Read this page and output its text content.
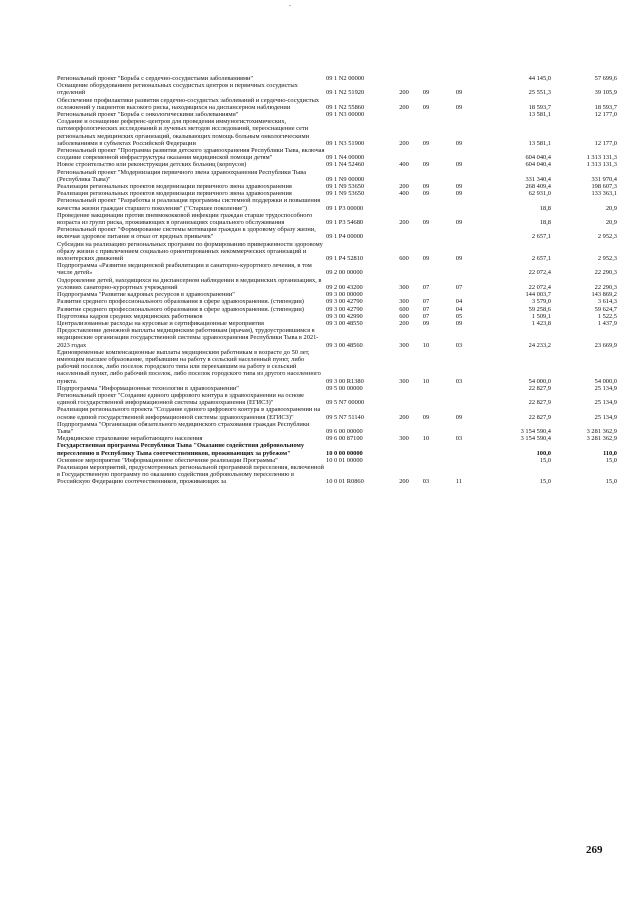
Региональный проект "Борьба с сердечно-сосудистыми заболеваниями"	09 1 N2 00000	44 145,0	57 699,6
Оснащение оборудованием региональных сосудистых центров и первичных сосудистых отделений	09 1 N2 51920	200	09	09	25 551,3	39 105,9
Обеспечение профилактики развития сердечно-сосудистых заболеваний и сердечно-сосудистых осложнений у пациентов высокого риска, находящихся на диспансерном наблюдении	09 1 N2 55860	200	09	09	18 593,7	18 593,7
Региональный проект "Борьба с онкологическими заболеваниями"	09 1 N3 00000	13 581,1	12 177,0
Создание и оснащение референс-центров для проведения иммуногистохимических, патоморфологических исследований и лучевых методов исследований, переоснащение сети региональных медицинских организаций, оказывающих помощь больным онкологическими заболеваниями в субъектах Российской Федерации	09 1 N3 51900	200	09	09	13 581,1	12 177,0
Региональный проект "Программа развития детского здравоохранения Республики Тыва, включая создание современной инфраструктуры оказания медицинской помощи детям"	09 1 N4 00000	604 040,4	1 313 131,3
Новое строительство или реконструкция детских больниц (корпусов)	09 1 N4 52460	400	09	09	604 040,4	1 313 131,3
Региональный проект "Модернизация первичного звена здравоохранения Республики Тыва (Республика Тыва)"	09 1 N9 00000	331 340,4	331 970,4
Реализация региональных проектов модернизации первичного звена здравоохранения	09 1 N9 53650	200	09	09	268 409,4	198 607,3
Реализация региональных проектов модернизации первичного звена здравоохранения	09 1 N9 53650	400	09	09	62 931,0	133 363,1
Региональный проект "Разработка и реализация программы системной поддержки и повышения качества жизни граждан старшего поколения" ("Старшее поколение")	09 1 P3 00000	18,8	20,9
Проведение вакцинации против пневмококковой инфекции граждан старше трудоспособного возраста из групп риска, проживающих в организациях социального обслуживания	09 1 P3 54680	200	09	09	18,8	20,9
Региональный проект "Формирование системы мотивации граждан к здоровому образу жизни, включая здоровое питание и отказ от вредных привычек"	09 1 P4 00000	2 657,1	2 952,3
Субсидии на реализацию региональных программ по формированию приверженности здоровому образу жизни с привлечением социально ориентированных некоммерческих организаций и волонтерских движений	09 1 P4 52810	600	09	09	2 657,1	2 952,3
Подпрограмма «Развитие медицинской реабилитации и санаторно-курортного лечения, в том числе детей»	09 2 00 00000	22 072,4	22 290,3
Оздоровление детей, находящихся на диспансерном наблюдении в медицинских организациях, в условиях санаторно-курортных учреждений	09 2 00 43200	300	07	07	22 072,4	22 290,3
Подпрограмма "Развитие кадровых ресурсов в здравоохранении"	09 3 00 00000	144 003,7	143 869,2
Развитие среднего профессионального образования в сфере здравоохранения. (стипендии)	09 3 00 42790	300	07	04	3 579,0	3 614,3
Развитие среднего профессионального образования в сфере здравоохранения. (стипендии)	09 3 00 42790	600	07	04	59 258,6	59 624,7
Подготовка кадров средних медицинских работников	09 3 00 42990	600	07	05	1 509,1	1 522,5
Централизованные расходы на курсовые и сертификационные мероприятия	09 3 00 48550	200	09	09	1 423,8	1 437,9
Предоставление денежной выплаты медицинским работникам (врачам), трудоустроившимся в медицинские организации государственной системы здравоохранения Республики Тыва в 2021-2023 годах	09 3 00 48560	300	10	03	24 233,2	23 669,9
Единовременные компенсационные выплаты медицинским работникам в возрасте до 50 лет, имеющим высшее образование, прибывшим на работу в сельский населенный пункт, либо рабочий поселок, либо поселок городского типа или переехавшим на работу в сельский населенный пункт, либо рабочий поселок, либо поселок городского типа из другого населенного пункта.	09 3 00 R1380	300	10	03	54 000,0	54 000,0
Подпрограмма "Информационные технологии в здравоохранении"	09 5 00 00000	22 827,9	25 134,9
Региональный проект "Создание единого цифрового контура в здравоохранении на основе единой государственной информационной системы здравоохранения (ЕГИСЗ)"	09 5 N7 00000	22 827,9	25 134,9
Реализация регионального проекта "Создание единого цифрового контура в здравоохранении на основе единой государственной информационной системы здравоохранения (ЕГИСЗ)"	09 5 N7 51140	200	09	09	22 827,9	25 134,9
Подпрограмма "Организация обязательного медицинского страхования граждан Республики Тыва"	09 6 00 00000	3 154 590,4	3 281 362,9
Медицинское страхование неработающего населения	09 6 00 87100	300	10	03	3 154 590,4	3 281 362,9
Государственная программа Республики Тыва "Оказание содействия добровольному переселению в Республику Тыва соотечественников, проживающих за рубежом"	10 0 00 00000	100,0	110,0
Основное мероприятие "Информационное обеспечение реализации Программы"	10 0 01 00000	15,0	15,0
Реализация мероприятий, предусмотренных региональной программой переселения, включенной в Государственную программу по оказанию содействия добровольному переселению в Российскую Федерацию соотечественников, проживающих за	10 0 01 R0860	200	03	11	15,0	15,0
269
